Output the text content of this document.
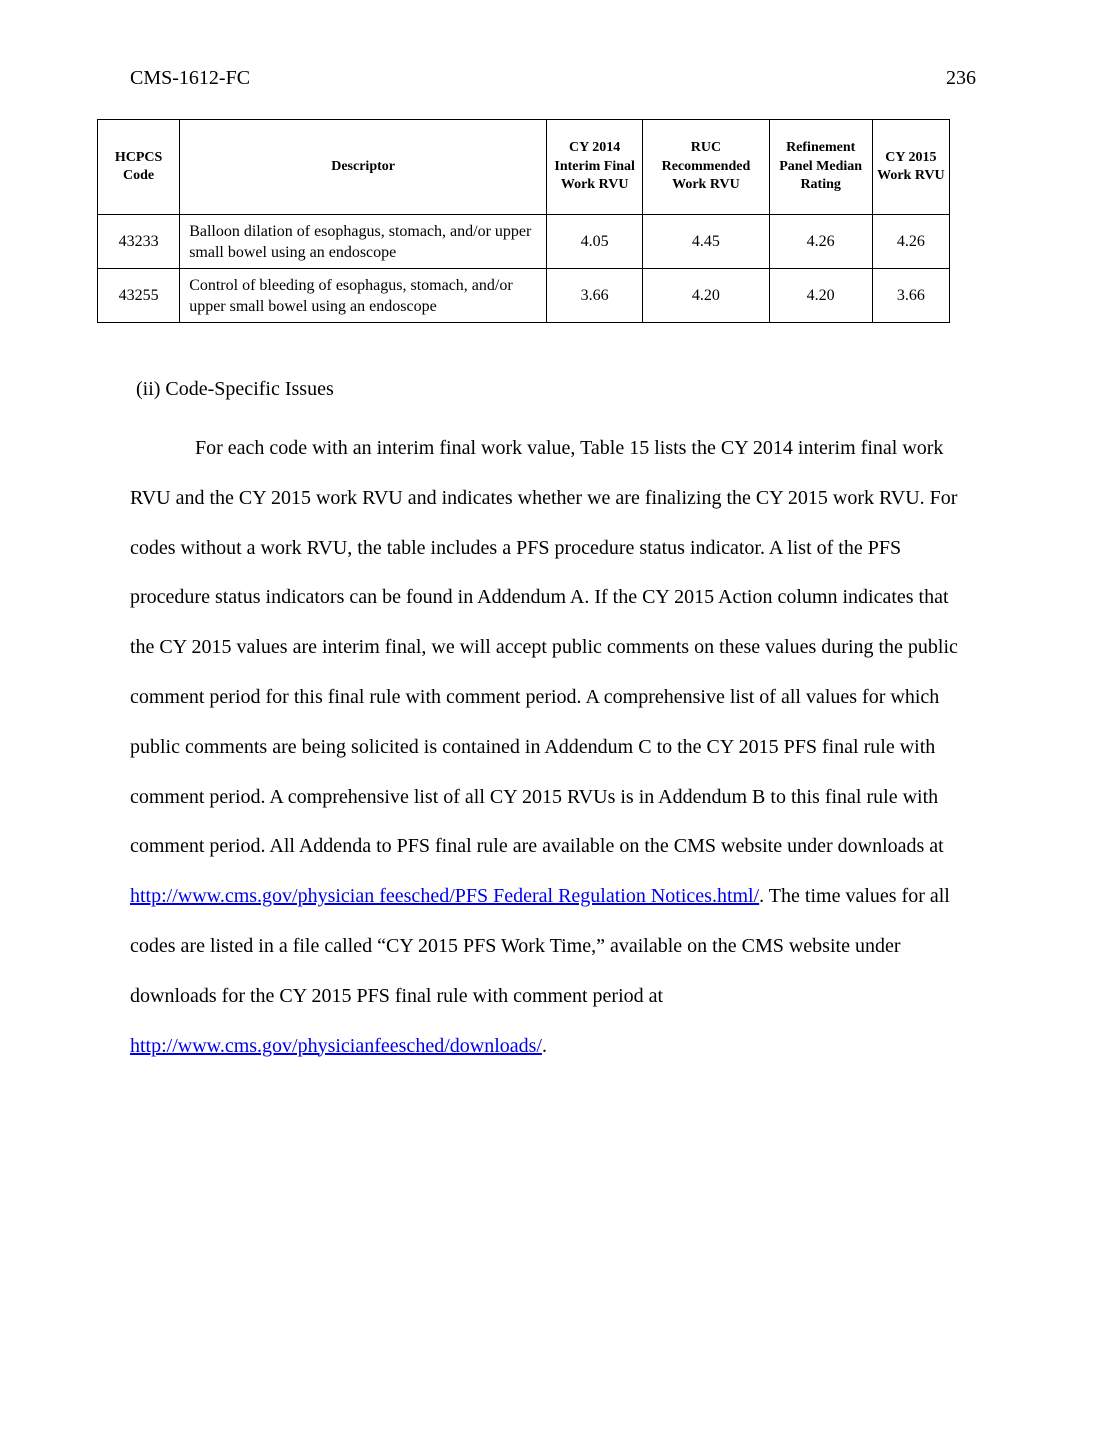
CMS-1612-FC	236
HCPCS Code	Descriptor	CY 2014 Interim Final Work RVU	RUC Recommended Work RVU	Refinement Panel Median Rating	CY 2015 Work RVU
43233	Balloon dilation of esophagus, stomach, and/or upper small bowel using an endoscope	4.05	4.45	4.26	4.26
43255	Control of bleeding of esophagus, stomach, and/or upper small bowel using an endoscope	3.66	4.20	4.20	3.66
(ii) Code-Specific Issues

For each code with an interim final work value, Table 15 lists the CY 2014 interim final work RVU and the CY 2015 work RVU and indicates whether we are finalizing the CY 2015 work RVU. For codes without a work RVU, the table includes a PFS procedure status indicator. A list of the PFS procedure status indicators can be found in Addendum A. If the CY 2015 Action column indicates that the CY 2015 values are interim final, we will accept public comments on these values during the public comment period for this final rule with comment period. A comprehensive list of all values for which public comments are being solicited is contained in Addendum C to the CY 2015 PFS final rule with comment period. A comprehensive list of all CY 2015 RVUs is in Addendum B to this final rule with comment period. All Addenda to PFS final rule are available on the CMS website under downloads at http://www.cms.gov/physician feesched/PFS Federal Regulation Notices.html/. The time values for all codes are listed in a file called “CY 2015 PFS Work Time,” available on the CMS website under downloads for the CY 2015 PFS final rule with comment period at http://www.cms.gov/physicianfeesched/downloads/.
